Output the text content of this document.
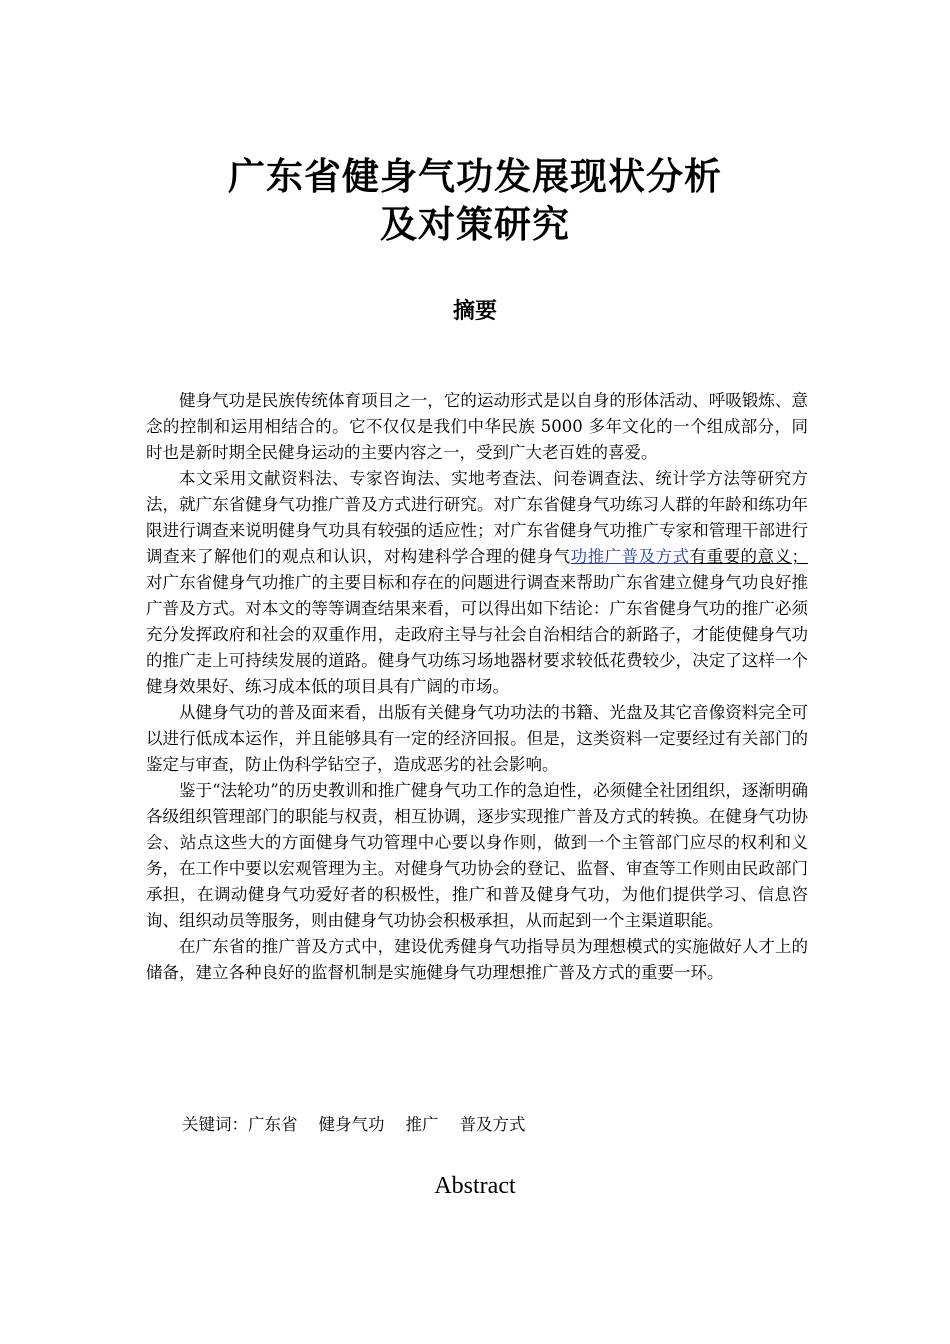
广东省健身气功发展现状分析
及对策研究
摘要

健身气功是民族传统体育项目之一，它的运动形式是以自身的形体活动、呼吸锻炼、意念的控制和运用相结合的。它不仅仅是我们中华民族 5000 多年文化的一个组成部分，同时也是新时期全民健身运动的主要内容之一，受到广大老百姓的喜爱。

本文采用文献资料法、专家咨询法、实地考查法、问卷调查法、统计学方法等研究方法，就广东省健身气功推广普及方式进行研究。对广东省健身气功练习人群的年龄和练功年限进行调查来说明健身气功具有较强的适应性；对广东省健身气功推广专家和管理干部进行调查来了解他们的观点和认识，对构建科学合理的健身气功推广普及方式有重要的意义； 对广东省健身气功推广的主要目标和存在的问题进行调查来帮助广东省建立健身气功良好推广普及方式。对本文的等等调查结果来看，可以得出如下结论：广东省健身气功的推广必须充分发挥政府和社会的双重作用，走政府主导与社会自治相结合的新路子，才能使健身气功的推广走上可持续发展的道路。健身气功练习场地器材要求较低花费较少，决定了这样一个健身效果好、练习成本低的项目具有广阔的市场。

从健身气功的普及面来看，出版有关健身气功功法的书籍、光盘及其它音像资料完全可以进行低成本运作，并且能够具有一定的经济回报。但是，这类资料一定要经过有关部门的鉴定与审查，防止伪科学钻空子，造成恶劣的社会影响。

鉴于“法轮功”的历史教训和推广健身气功工作的急迫性，必须健全社团组织，逐渐明确各级组织管理部门的职能与权责，相互协调，逐步实现推广普及方式的转换。在健身气功协会、站点这些大的方面健身气功管理中心要以身作则，做到一个主管部门应尽的权利和义务，在工作中要以宏观管理为主。对健身气功协会的登记、监督、审查等工作则由民政部门承担，在调动健身气功爱好者的积极性，推广和普及健身气功，为他们提供学习、信息咨询、组织动员等服务，则由健身气功协会积极承担，从而起到一个主渠道职能。

在广东省的推广普及方式中，建设优秀健身气功指导员为理想模式的实施做好人才上的储备，建立各种良好的监督机制是实施健身气功理想推广普及方式的重要一环。

关键词：广东省    健身气功    推广    普及方式
Abstract
